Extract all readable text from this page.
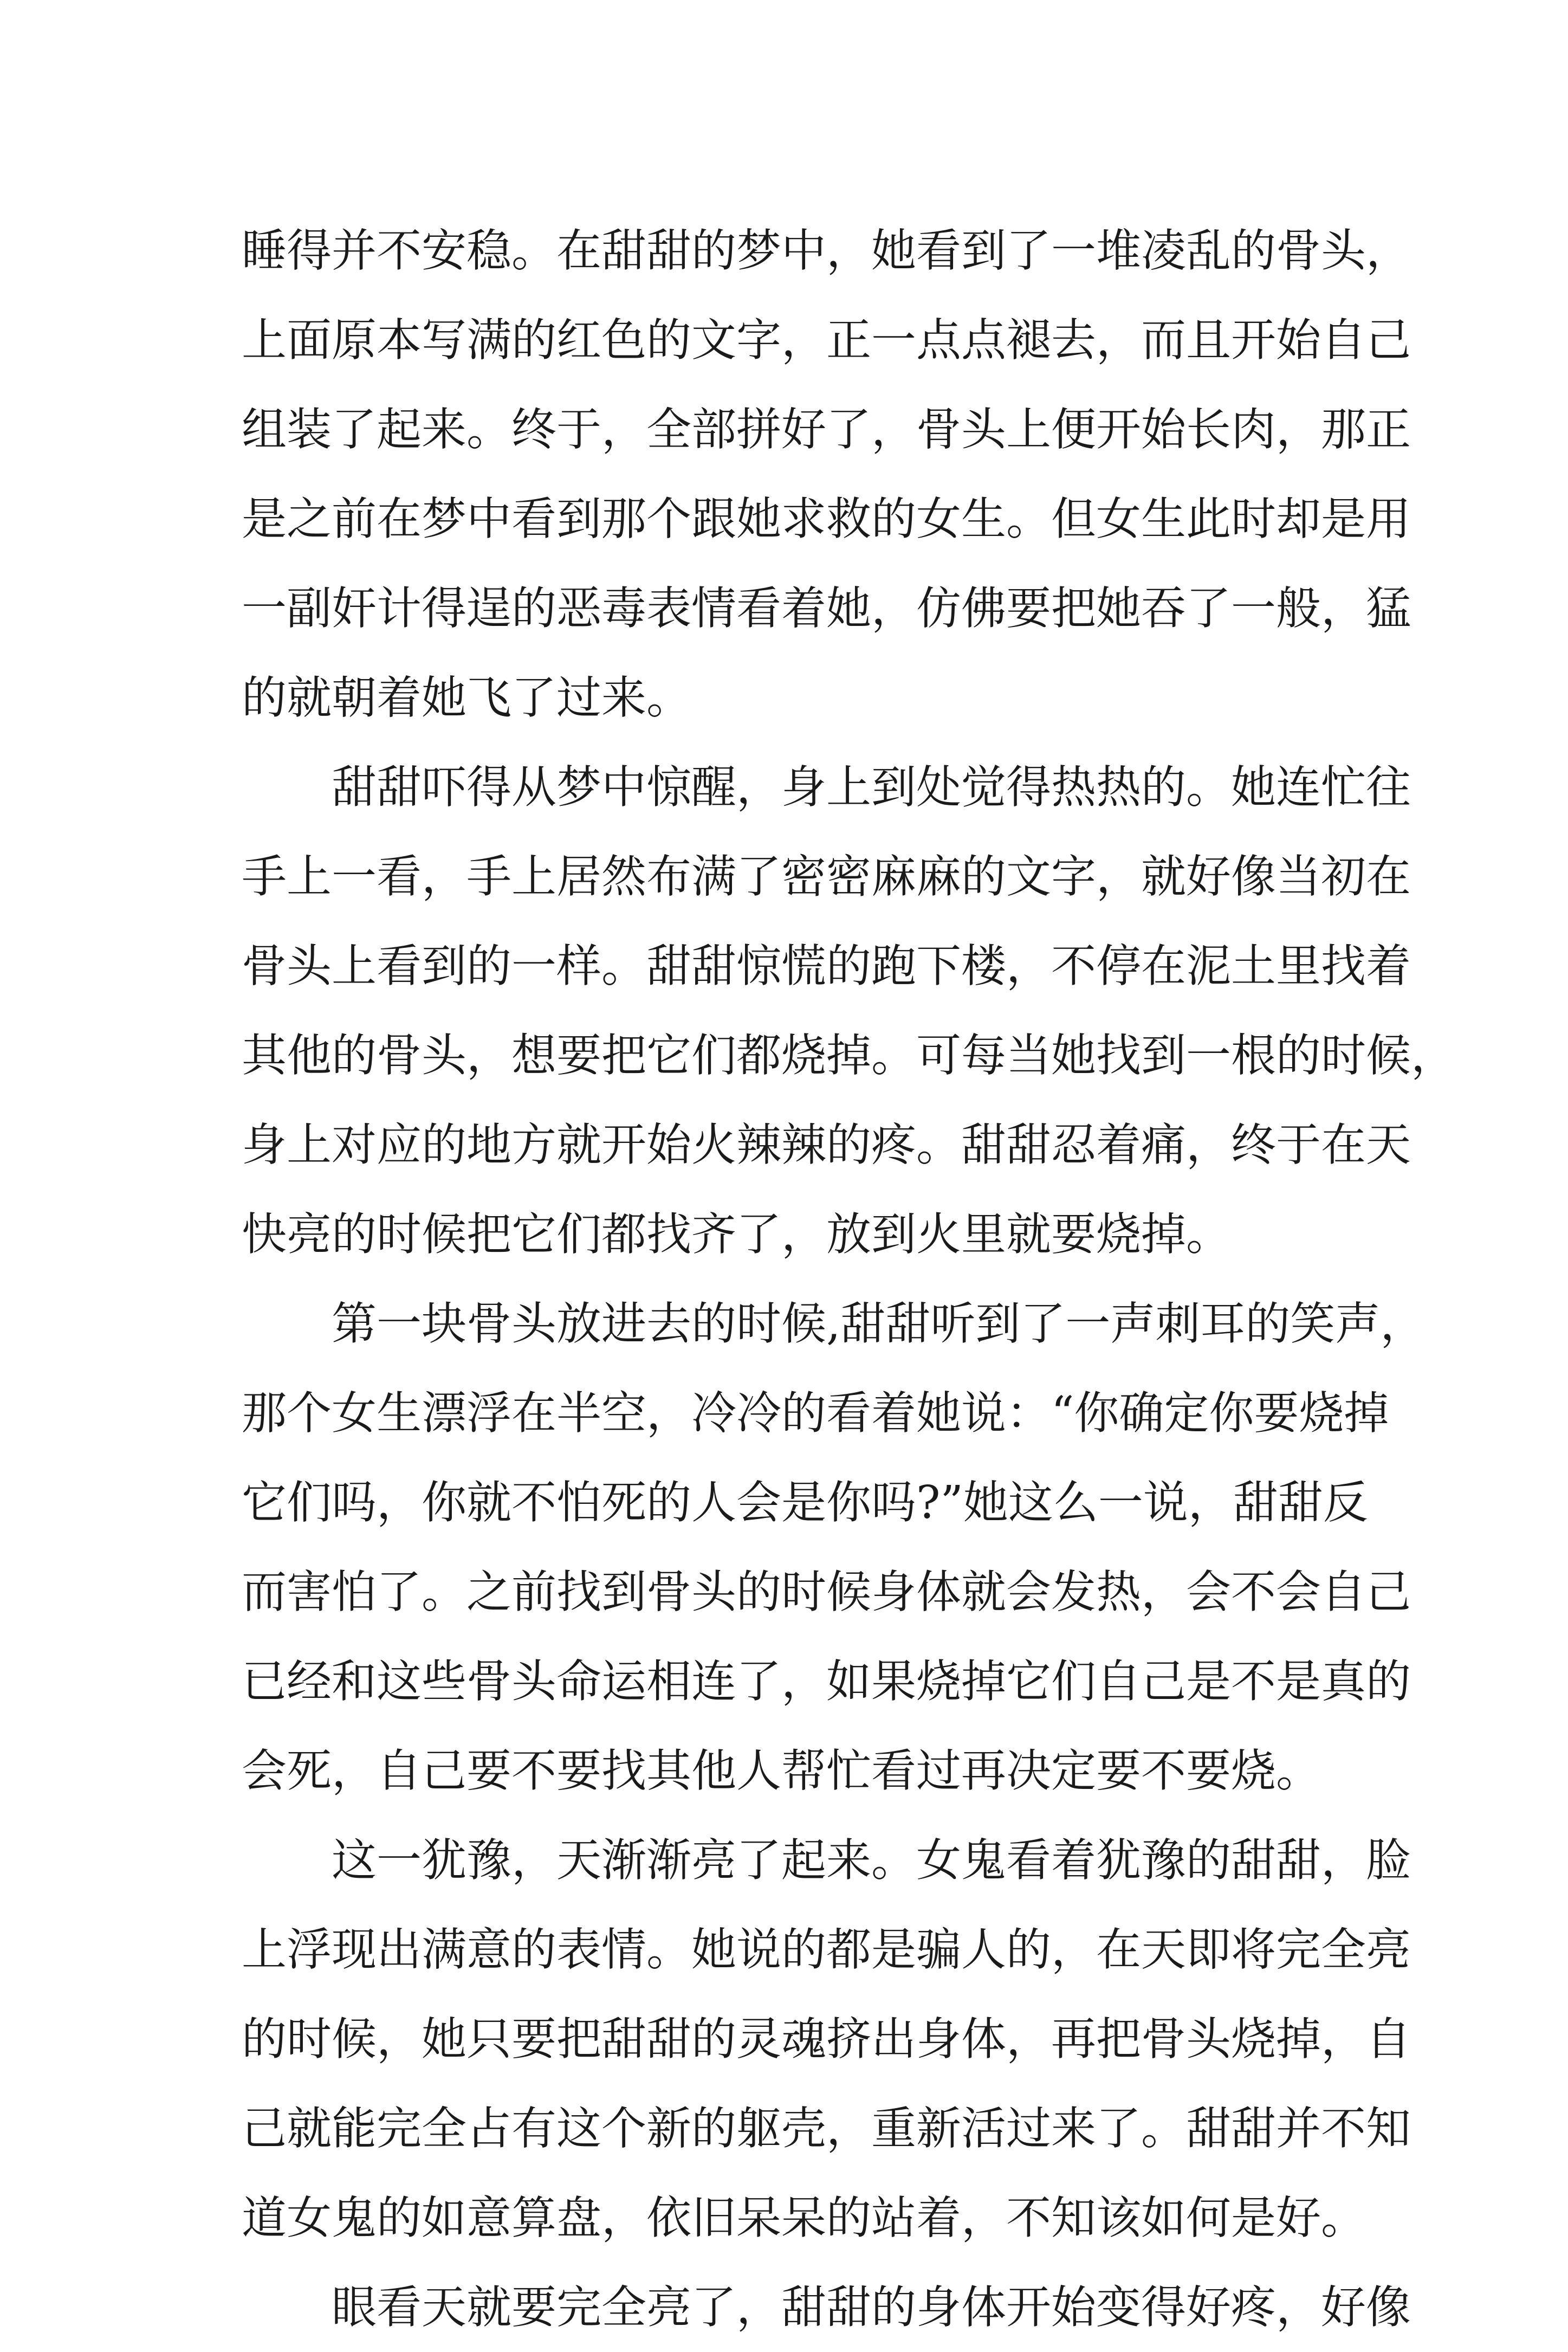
睡得并不安稳。在甜甜的梦中，她看到了一堆凌乱的骨头，
上面原本写满的红色的文字，正一点点褪去，而且开始自己
组装了起来。终于，全部拼好了，骨头上便开始长肉，那正
是之前在梦中看到那个跟她求救的女生。但女生此时却是用
一副奸计得逞的恶毒表情看着她，仿佛要把她吞了一般，猛
的就朝着她飞了过来。
甜甜吓得从梦中惊醒，身上到处觉得热热的。她连忙往
手上一看，手上居然布满了密密麻麻的文字，就好像当初在
骨头上看到的一样。甜甜惊慌的跑下楼，不停在泥土里找着
其他的骨头，想要把它们都烧掉。可每当她找到一根的时候，
身上对应的地方就开始火辣辣的疼。甜甜忍着痛，终于在天
快亮的时候把它们都找齐了，放到火里就要烧掉。
第一块骨头放进去的时候,甜甜听到了一声刺耳的笑声，
那个女生漂浮在半空，冷冷的看着她说：“你确定你要烧掉
它们吗，你就不怕死的人会是你吗?”她这么一说，甜甜反
而害怕了。之前找到骨头的时候身体就会发热，会不会自己
已经和这些骨头命运相连了，如果烧掉它们自己是不是真的
会死，自己要不要找其他人帮忙看过再决定要不要烧。
这一犹豫，天渐渐亮了起来。女鬼看着犹豫的甜甜，脸
上浮现出满意的表情。她说的都是骗人的，在天即将完全亮
的时候，她只要把甜甜的灵魂挤出身体，再把骨头烧掉，自
己就能完全占有这个新的躯壳，重新活过来了。甜甜并不知
道女鬼的如意算盘，依旧呆呆的站着，不知该如何是好。
眼看天就要完全亮了，甜甜的身体开始变得好疼，好像
